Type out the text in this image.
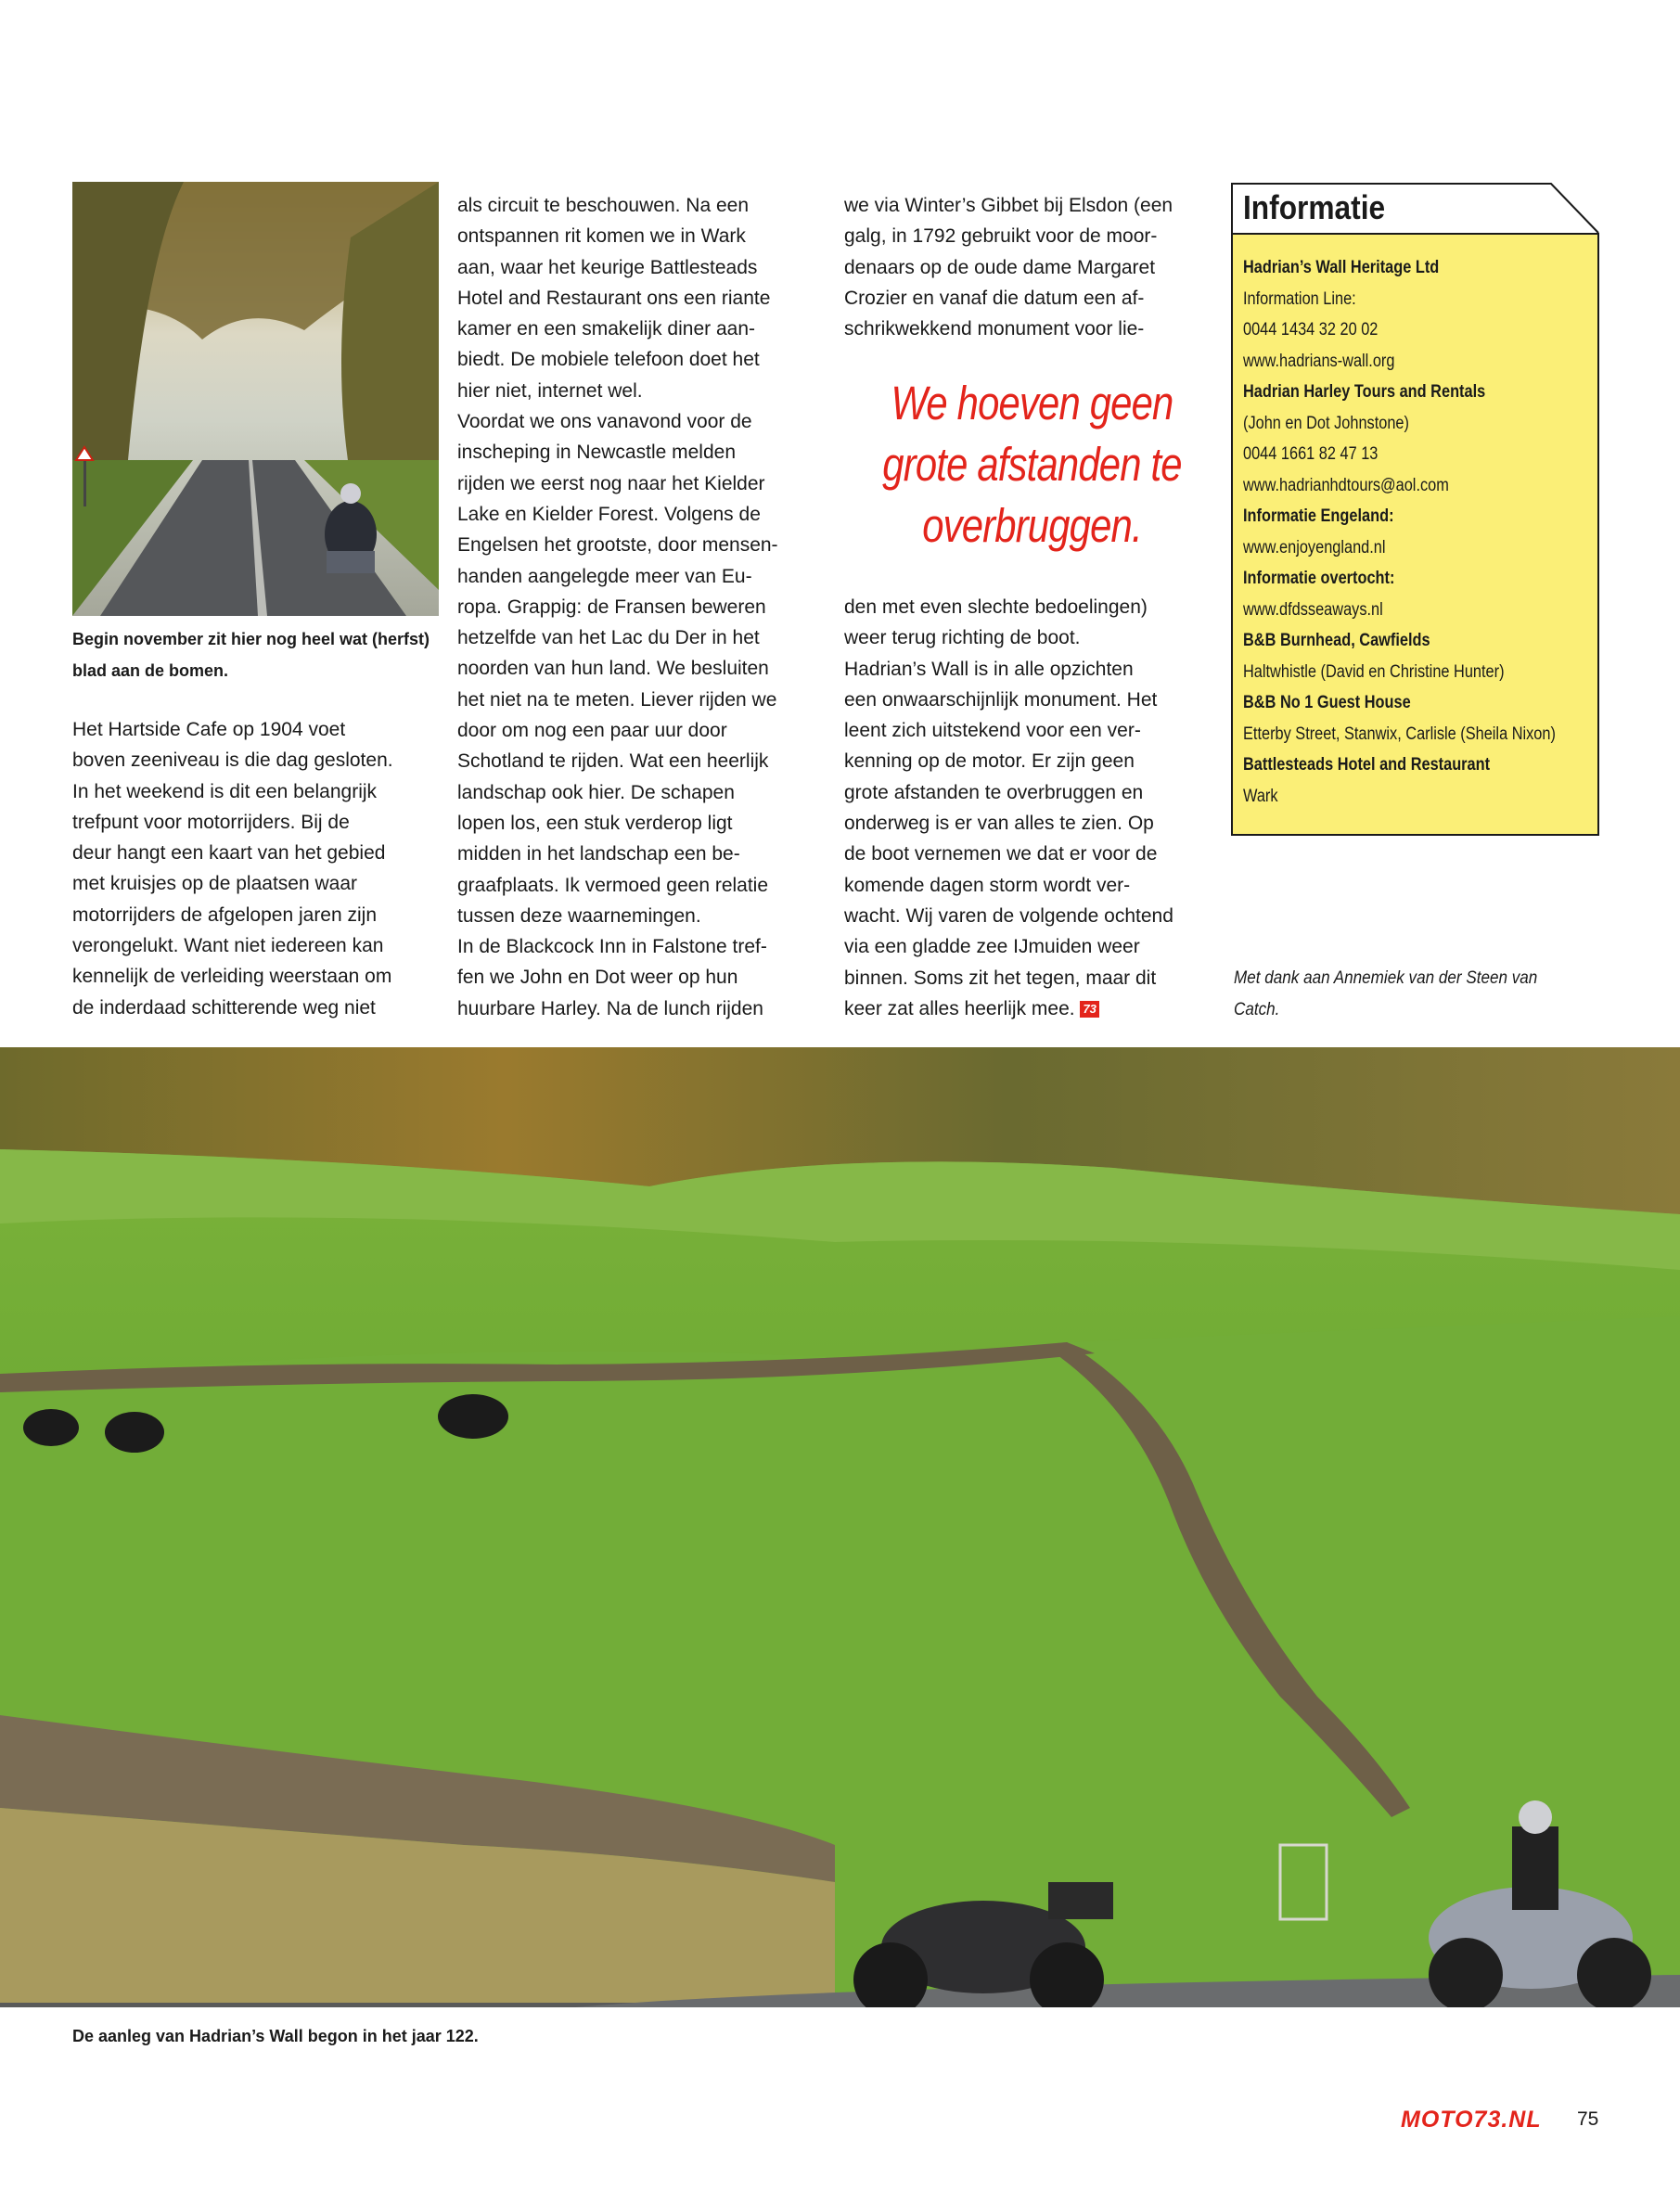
Begin november zit hier nog heel wat (herfst) blad aan de bomen.
Het Hartside Cafe op 1904 voet
boven zeeniveau is die dag gesloten.
In het weekend is dit een belangrijk
trefpunt voor motorrijders. Bij de
deur hangt een kaart van het gebied
met kruisjes op de plaatsen waar
motorrijders de afgelopen jaren zijn
verongelukt. Want niet iedereen kan
kennelijk de verleiding weerstaan om
de inderdaad schitterende weg niet
als circuit te beschouwen. Na een
ontspannen rit komen we in Wark
aan, waar het keurige Battlesteads
Hotel and Restaurant ons een riante
kamer en een smakelijk diner aan-
biedt. De mobiele telefoon doet het
hier niet, internet wel.
Voordat we ons vanavond voor de
inscheping in Newcastle melden
rijden we eerst nog naar het Kielder
Lake en Kielder Forest. Volgens de
Engelsen het grootste, door mensen-
handen aangelegde meer van Eu-
ropa. Grappig: de Fransen beweren
hetzelfde van het Lac du Der in het
noorden van hun land. We besluiten
het niet na te meten. Liever rijden we
door om nog een paar uur door
Schotland te rijden. Wat een heerlijk
landschap ook hier. De schapen
lopen los, een stuk verderop ligt
midden in het landschap een be-
graafplaats. Ik vermoed geen relatie
tussen deze waarnemingen.
In de Blackcock Inn in Falstone tref-
fen we John en Dot weer op hun
huurbare Harley. Na de lunch rijden
we via Winter’s Gibbet bij Elsdon (een
galg, in 1792 gebruikt voor de moor-
denaars op de oude dame Margaret
Crozier en vanaf die datum een af-
schrikwekkend monument voor lie-
We hoeven geen grote afstanden te overbruggen.
den met even slechte bedoelingen)
weer terug richting de boot.
Hadrian’s Wall is in alle opzichten
een onwaarschijnlijk monument. Het
leent zich uitstekend voor een ver-
kenning op de motor. Er zijn geen
grote afstanden te overbruggen en
onderweg is er van alles te zien. Op
de boot vernemen we dat er voor de
komende dagen storm wordt ver-
wacht. Wij varen de volgende ochtend
via een gladde zee IJmuiden weer
binnen. Soms zit het tegen, maar dit
keer zat alles heerlijk mee. 73
Informatie
Hadrian’s Wall Heritage Ltd
Information Line:
0044 1434 32 20 02
www.hadrians-wall.org
Hadrian Harley Tours and Rentals
(John en Dot Johnstone)
0044 1661 82 47 13
www.hadrianhdtours@aol.com
Informatie Engeland:
www.enjoyengland.nl
Informatie overtocht:
www.dfdsseaways.nl
B&B Burnhead, Cawfields
Haltwhistle (David en Christine Hunter)
B&B No 1 Guest House
Etterby Street, Stanwix, Carlisle (Sheila Nixon)
Battlesteads Hotel and Restaurant
Wark
Met dank aan Annemiek van der Steen van Catch.
De aanleg van Hadrian’s Wall begon in het jaar 122.
MOTO73.NL 75
